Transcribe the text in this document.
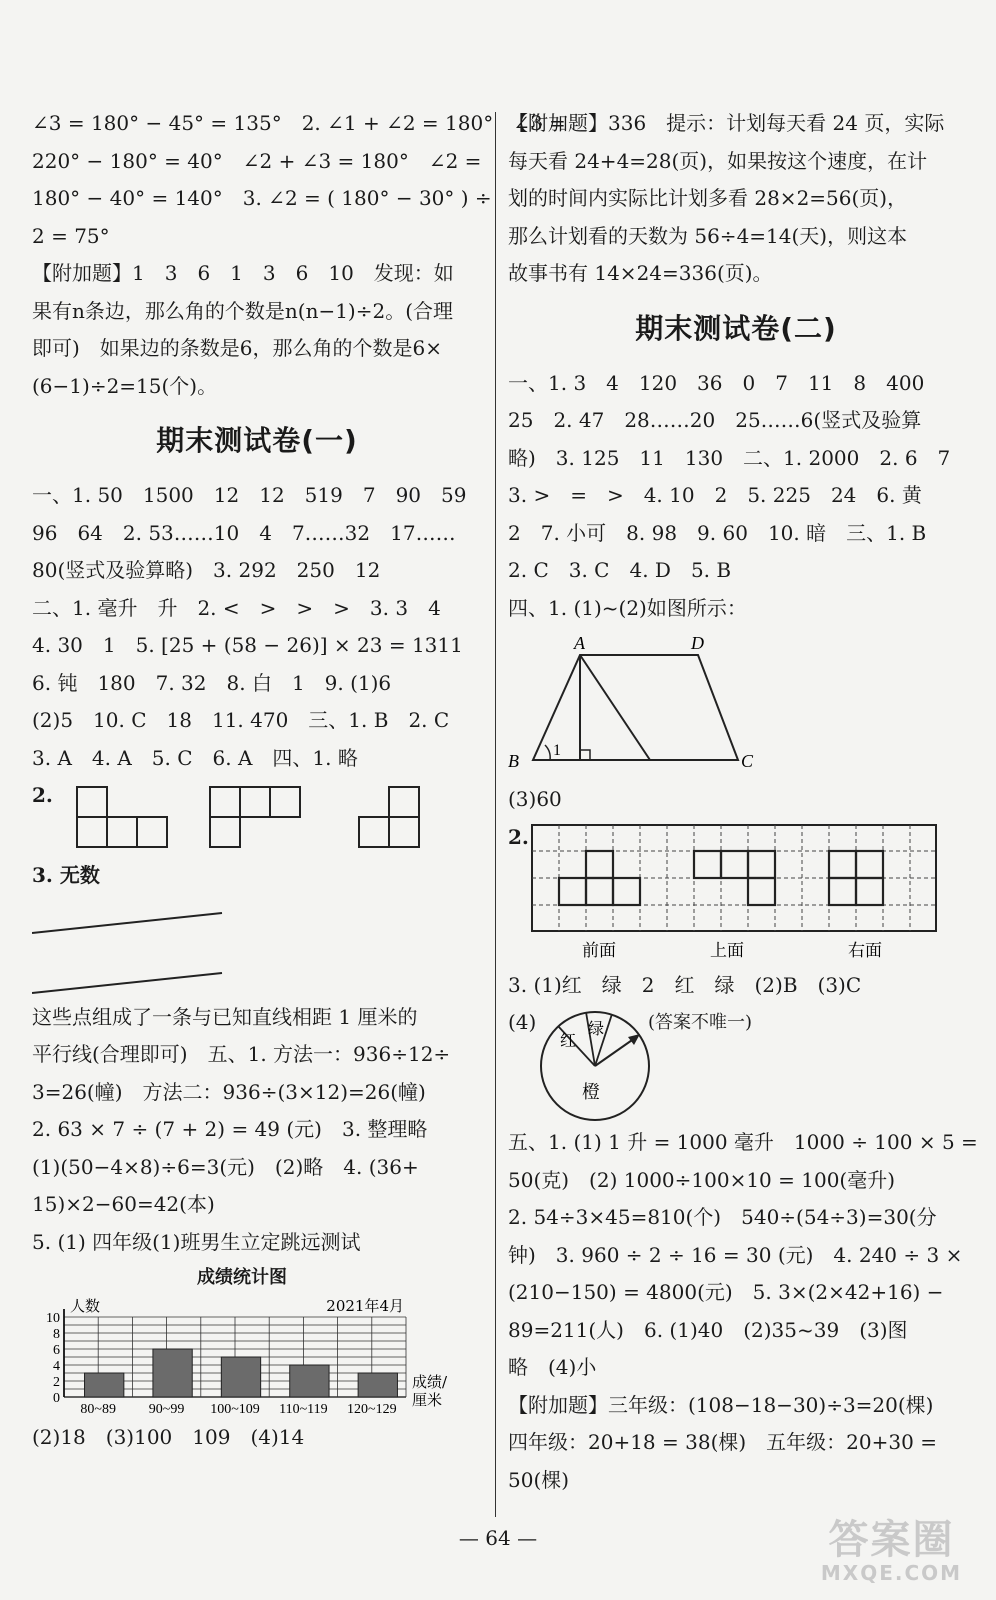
∠3 = 180° − 45° = 135°　2. ∠1 + ∠2 = 180°　∠3 =
220° − 180° = 40°　∠2 + ∠3 = 180°　∠2 =
180° − 40° = 140°　3. ∠2 = ( 180° − 30° ) ÷
2 = 75°
【附加题】1　3　6　1　3　6　10　发现：如
果有n条边，那么角的个数是n(n−1)÷2。(合理
即可)　如果边的条数是6，那么角的个数是6×
(6−1)÷2=15(个)。
期末测试卷(一)
一、1. 50　1500　12　12　519　7　90　59
96　64　2. 53……10　4　7……32　17……
80(竖式及验算略)　3. 292　250　12
二、1. 毫升　升　2. <　>　>　>　3. 3　4
4. 30　1　5. [25 + (58 − 26)] × 23 = 1311
6. 钝　180　7. 32　8. 白　1　9. (1)6
(2)5　10. C　18　11. 470　三、1. B　2. C
3. A　4. A　5. C　6. A　四、1. 略
2.
3. 无数
这些点组成了一条与已知直线相距 1 厘米的
平行线(合理即可)　五、1. 方法一：936÷12÷
3=26(幢)　方法二：936÷(3×12)=26(幢)
2. 63 × 7 ÷ (7 + 2) = 49 (元)　3. 整理略
(1)(50−4×8)÷6=3(元)　(2)略　4. (36+
15)×2−60=42(本)
5. (1) 四年级(1)班男生立定跳远测试
成绩统计图
0
2
4
6
8
10
80~89 90~99 100~109 110~119 120~129
人数	2021年4月
成绩/
厘米
(2)18　(3)100　109　(4)14
【附加题】336　提示：计划每天看 24 页，实际
每天看 24+4=28(页)，如果按这个速度，在计
划的时间内实际比计划多看 28×2=56(页)，
那么计划看的天数为 56÷4=14(天)，则这本
故事书有 14×24=336(页)。
期末测试卷(二)
一、1. 3　4　120　36　0　7　11　8　400
25　2. 47　28……20　25……6(竖式及验算
略)　3. 125　11　130　二、1. 2000　2. 6　7
3. >　=　>　4. 10　2　5. 225　24　6. 黄
2　7. 小可　8. 98　9. 60　10. 暗　三、1. B
2. C　3. C　4. D　5. B
四、1. (1)~(2)如图所示：
A	D
B	C
1
(3)60
2.
前面	上面	右面
3. (1)红　绿　2　红　绿　(2)B　(3)C
(4)	(答案不唯一)
红
绿
橙
五、1. (1) 1 升 = 1000 毫升　1000 ÷ 100 × 5 =
50(克)　(2) 1000÷100×10 = 100(毫升)
2. 54÷3×45=810(个)　540÷(54÷3)=30(分
钟)　3. 960 ÷ 2 ÷ 16 = 30 (元)　4. 240 ÷ 3 ×
(210−150) = 4800(元)　5. 3×(2×42+16) −
89=211(人)　6. (1)40　(2)35~39　(3)图
略　(4)小
【附加题】三年级：(108−18−30)÷3=20(棵)
四年级：20+18 = 38(棵)　五年级：20+30 =
50(棵)
— 64 —	答案圈
MXQE.COM
